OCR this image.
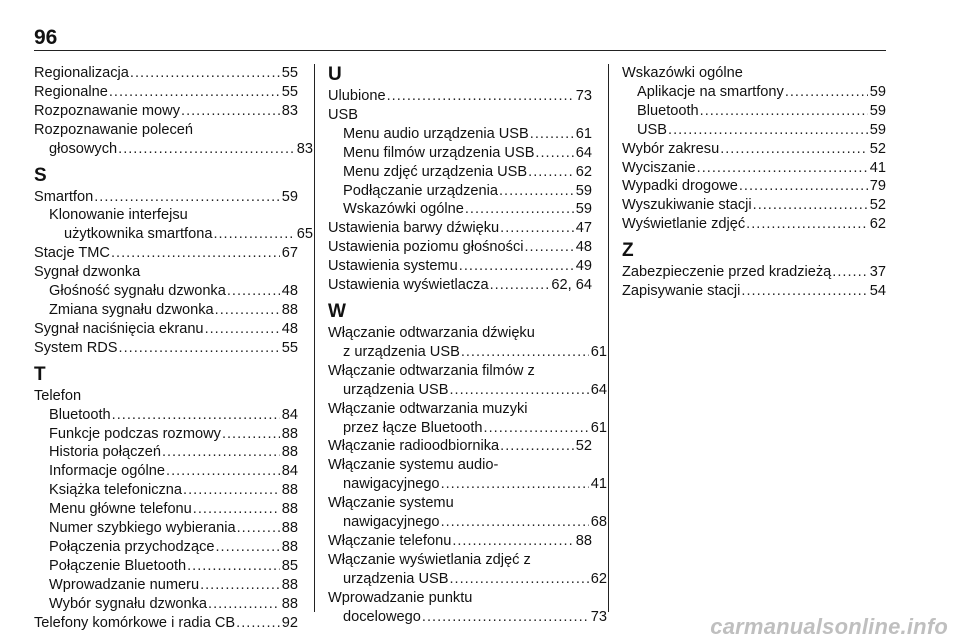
96
Regionalizacja .....	55
Regionalne .....	55
Rozpoznawanie mowy .....	83
Rozpoznawanie poleceń
głosowych .....	83
S
Smartfon .....	59
Klonowanie interfejsu
użytkownika smartfona .....	65
Stacje TMC .....	67
Sygnał dzwonka
Głośność sygnału dzwonka .....	48
Zmiana sygnału dzwonka .....	88
Sygnał naciśnięcia ekranu .....	48
System RDS .....	55
T
Telefon
Bluetooth .....	84
Funkcje podczas rozmowy .....	88
Historia połączeń .....	88
Informacje ogólne .....	84
Książka telefoniczna .....	88
Menu główne telefonu .....	88
Numer szybkiego wybierania .....	88
Połączenia przychodzące .....	88
Połączenie Bluetooth .....	85
Wprowadzanie numeru .....	88
Wybór sygnału dzwonka .....	88
Telefony komórkowe i radia CB .....	92
U
Ulubione .....	73
USB
Menu audio urządzenia USB .....	61
Menu filmów urządzenia USB .....	64
Menu zdjęć urządzenia USB .....	62
Podłączanie urządzenia .....	59
Wskazówki ogólne .....	59
Ustawienia barwy dźwięku .....	47
Ustawienia poziomu głośności .....	48
Ustawienia systemu .....	49
Ustawienia wyświetlacza .....	62, 64
W
Włączanie odtwarzania dźwięku
z urządzenia USB .....	61
Włączanie odtwarzania filmów z
urządzenia USB .....	64
Włączanie odtwarzania muzyki
przez łącze Bluetooth .....	61
Włączanie radioodbiornika .....	52
Włączanie systemu audio-
nawigacyjnego .....	41
Włączanie systemu
nawigacyjnego .....	68
Włączanie telefonu .....	88
Włączanie wyświetlania zdjęć z
urządzenia USB .....	62
Wprowadzanie punktu
docelowego .....	73
Wskazówki ogólne
Aplikacje na smartfony .....	59
Bluetooth .....	59
USB .....	59
Wybór zakresu .....	52
Wyciszanie .....	41
Wypadki drogowe .....	79
Wyszukiwanie stacji .....	52
Wyświetlanie zdjęć .....	62
Z
Zabezpieczenie przed kradzieżą .....	37
Zapisywanie stacji .....	54
carmanualsonline.info
